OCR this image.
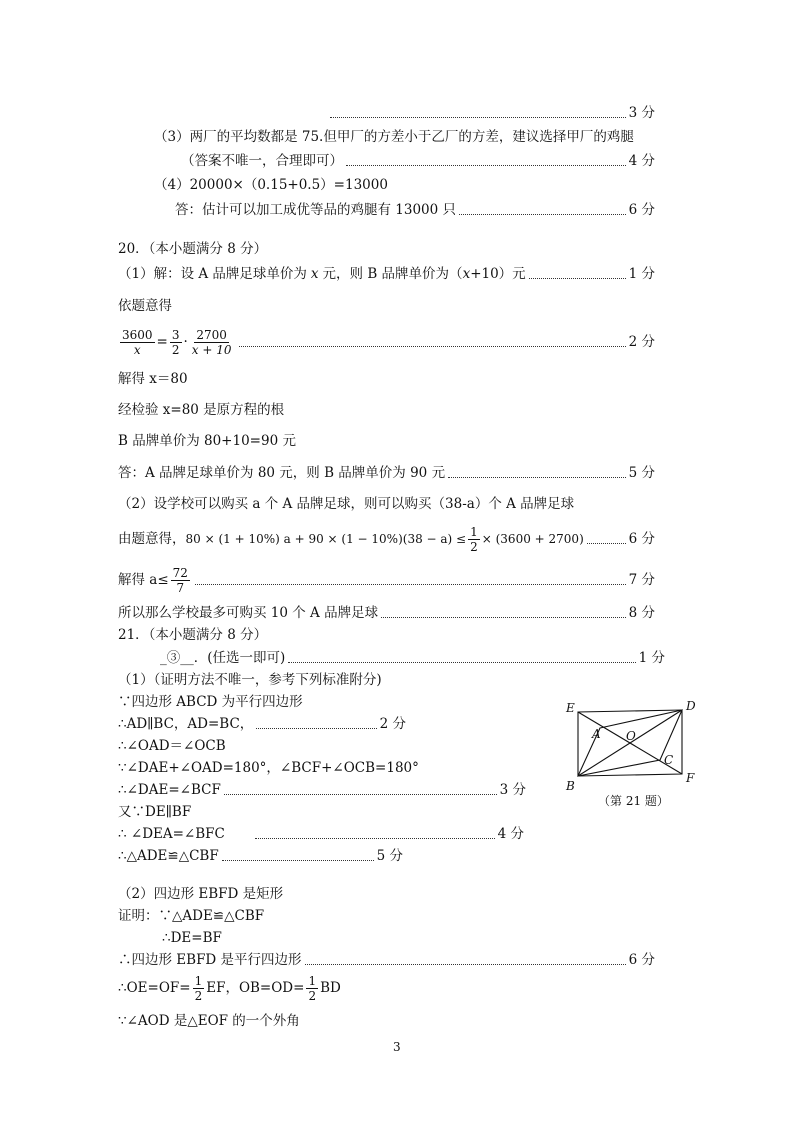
3 分
（3）两厂的平均数都是 75.但甲厂的方差小于乙厂的方差，建议选择甲厂的鸡腿
（答案不唯一，合理即可）	4 分
（4）20000×（0.15+0.5）=13000
答：估计可以加工成优等品的鸡腿有 13000 只	6 分
20．（本小题满分 8 分）
（1）解：设 A 品牌足球单价为 x 元，则 B 品牌单价为（ x +10）元	1 分
依题意得
$\frac{3600}{x} = \frac{3}{2} \cdot \frac{2700}{x + 10}$	2 分
解得 x＝80
经检验 x=80 是原方程的根
B 品牌单价为 80+10=90 元
答：A 品牌足球单价为 80 元，则 B 品牌单价为 90 元	5 分
（2）设学校可以购买 a 个 A 品牌足球，则可以购买（38-a）个 A 品牌足球
由题意得， 80 × (1 + 10%) $a + 90 \times (1 - 10\%)(38 - a) \le \frac{1}{2} \times (3600 + 2700)$	6 分
解得 $a\le \frac{72}{7}$	7 分
所以那么学校最多可购买 10 个 A 品牌足球	8 分
21．（本小题满分 8 分）
_③__．(任选一即可)	1 分
（1）（证明方法不唯一，参考下列标准附分)
∵四边形 ABCD 为平行四边形
∴AD∥BC，AD=BC，	2 分
∴∠OAD＝∠OCB
∵∠DAE+∠OAD=180°，∠BCF+∠OCB=180°
∴∠DAE=∠BCF	3 分
又∵DE∥BF
∴ ∠DEA=∠BFC	4 分
∴△ADE≌△CBF	5 分
（2）四边形 EBFD 是矩形
证明：∵△ADE≌△CBF
∴DE=BF
∴四边形 EBFD 是平行四边形	6 分
∴OE=OF= $\frac{1}{2}$ EF，$OB=OD= \frac{1}{2}$ BD
∵∠AOD 是△EOF 的一个外角
E	D
A O
C
B
F
（第 21 题）
3
